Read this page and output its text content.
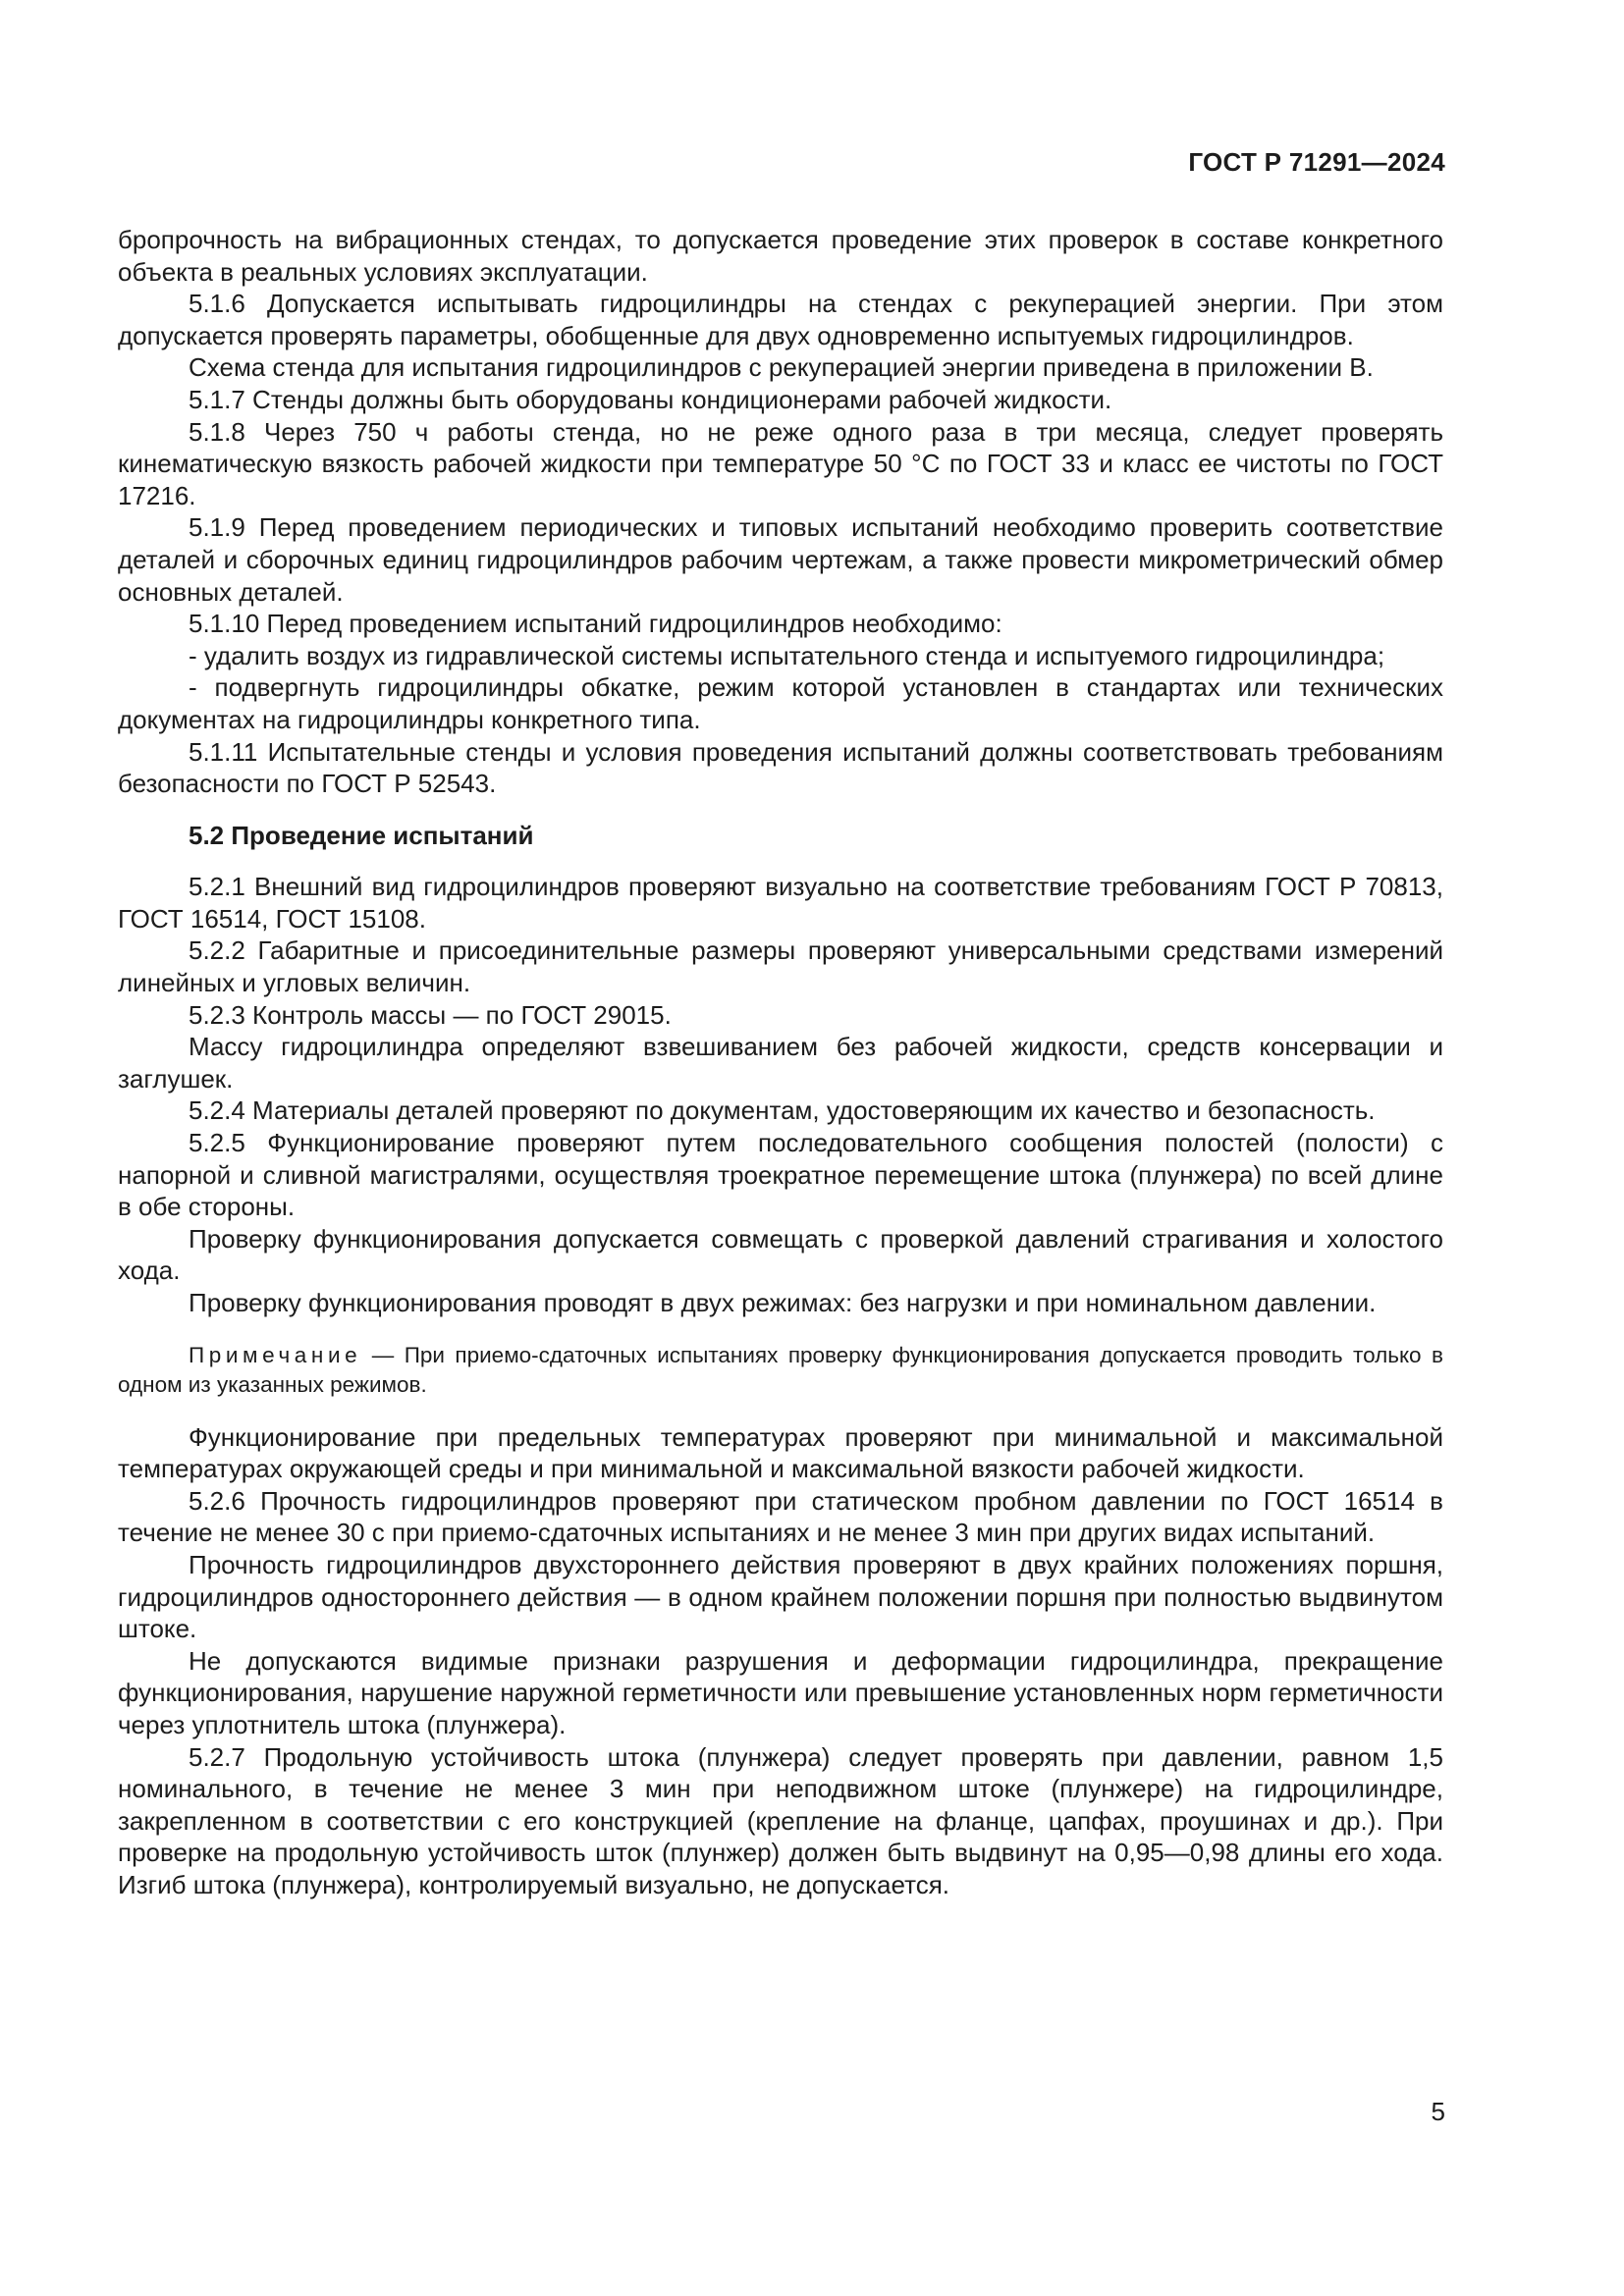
ГОСТ Р 71291—2024

бропрочность на вибрационных стендах, то допускается проведение этих проверок в составе конкретного объекта в реальных условиях эксплуатации.

5.1.6 Допускается испытывать гидроцилиндры на стендах с рекуперацией энергии. При этом допускается проверять параметры, обобщенные для двух одновременно испытуемых гидроцилиндров.

Схема стенда для испытания гидроцилиндров с рекуперацией энергии приведена в приложении В.

5.1.7 Стенды должны быть оборудованы кондиционерами рабочей жидкости.

5.1.8 Через 750 ч работы стенда, но не реже одного раза в три месяца, следует проверять кинематическую вязкость рабочей жидкости при температуре 50 °С по ГОСТ 33 и класс ее чистоты по ГОСТ 17216.

5.1.9 Перед проведением периодических и типовых испытаний необходимо проверить соответствие деталей и сборочных единиц гидроцилиндров рабочим чертежам, а также провести микрометрический обмер основных деталей.

5.1.10 Перед проведением испытаний гидроцилиндров необходимо:

- удалить воздух из гидравлической системы испытательного стенда и испытуемого гидроцилиндра;

- подвергнуть гидроцилиндры обкатке, режим которой установлен в стандартах или технических документах на гидроцилиндры конкретного типа.

5.1.11 Испытательные стенды и условия проведения испытаний должны соответствовать требованиям безопасности по ГОСТ Р 52543.

5.2 Проведение испытаний

5.2.1 Внешний вид гидроцилиндров проверяют визуально на соответствие требованиям ГОСТ Р 70813, ГОСТ 16514, ГОСТ 15108.

5.2.2 Габаритные и присоединительные размеры проверяют универсальными средствами измерений линейных и угловых величин.

5.2.3 Контроль массы — по ГОСТ 29015.

Массу гидроцилиндра определяют взвешиванием без рабочей жидкости, средств консервации и заглушек.

5.2.4 Материалы деталей проверяют по документам, удостоверяющим их качество и безопасность.

5.2.5 Функционирование проверяют путем последовательного сообщения полостей (полости) с напорной и сливной магистралями, осуществляя троекратное перемещение штока (плунжера) по всей длине в обе стороны.

Проверку функционирования допускается совмещать с проверкой давлений страгивания и холостого хода.

Проверку функционирования проводят в двух режимах: без нагрузки и при номинальном давлении.

Примечание — При приемо-сдаточных испытаниях проверку функционирования допускается проводить только в одном из указанных режимов.

Функционирование при предельных температурах проверяют при минимальной и максимальной температурах окружающей среды и при минимальной и максимальной вязкости рабочей жидкости.

5.2.6 Прочность гидроцилиндров проверяют при статическом пробном давлении по ГОСТ 16514 в течение не менее 30 с при приемо-сдаточных испытаниях и не менее 3 мин при других видах испытаний.

Прочность гидроцилиндров двухстороннего действия проверяют в двух крайних положениях поршня, гидроцилиндров одностороннего действия — в одном крайнем положении поршня при полностью выдвинутом штоке.

Не допускаются видимые признаки разрушения и деформации гидроцилиндра, прекращение функционирования, нарушение наружной герметичности или превышение установленных норм герметичности через уплотнитель штока (плунжера).

5.2.7 Продольную устойчивость штока (плунжера) следует проверять при давлении, равном 1,5 номинального, в течение не менее 3 мин при неподвижном штоке (плунжере) на гидроцилиндре, закрепленном в соответствии с его конструкцией (крепление на фланце, цапфах, проушинах и др.). При проверке на продольную устойчивость шток (плунжер) должен быть выдвинут на 0,95—0,98 длины его хода. Изгиб штока (плунжера), контролируемый визуально, не допускается.

5
